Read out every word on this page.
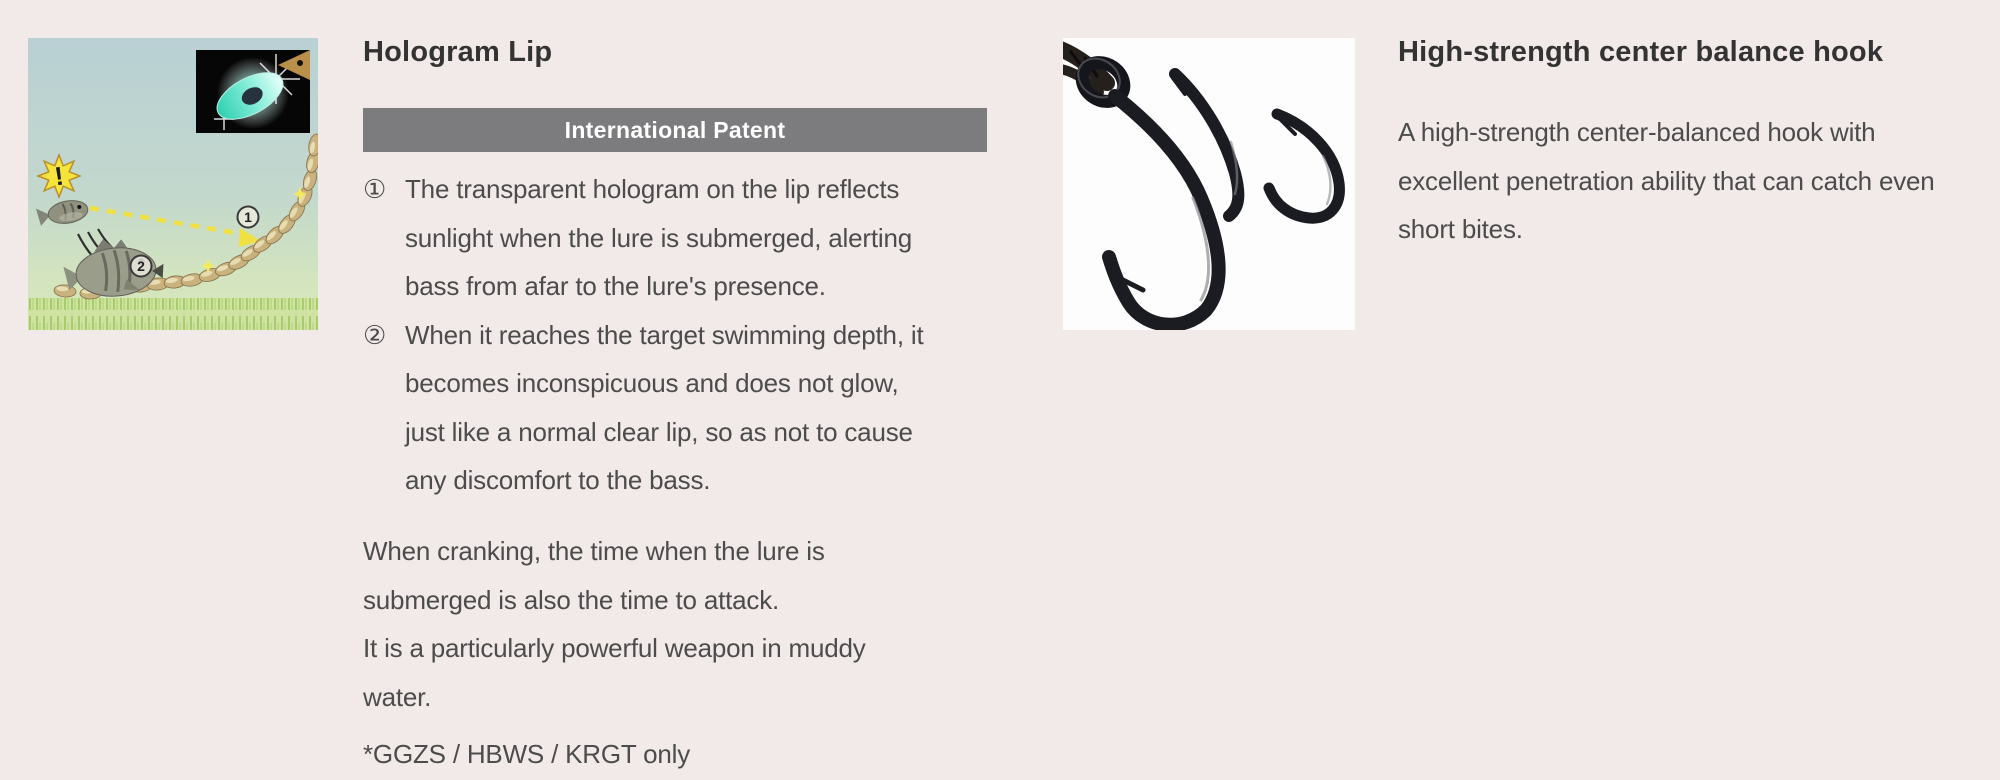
!
1
2
Hologram Lip
International Patent
① The transparent hologram on the lip reflects
sunlight when the lure is submerged, alerting
bass from afar to the lure's presence.
② When it reaches the target swimming depth, it
becomes inconspicuous and does not glow,
just like a normal clear lip, so as not to cause
any discomfort to the bass.
When cranking, the time when the lure is
submerged is also the time to attack.
It is a particularly powerful weapon in muddy
water.
*GGZS / HBWS / KRGT only
High-strength center balance hook
A high-strength center-balanced hook with
excellent penetration ability that can catch even
short bites.
